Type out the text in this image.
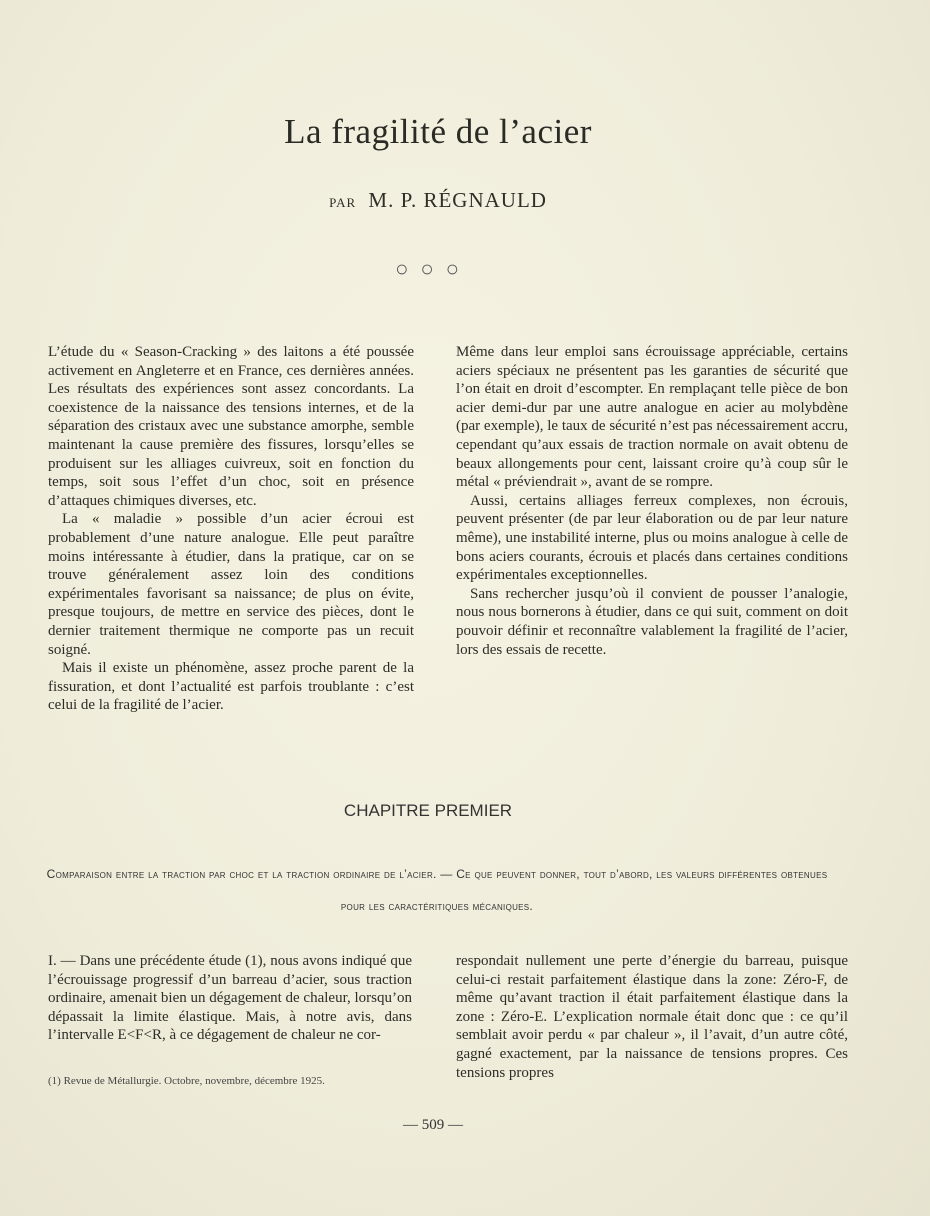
La fragilité de l’acier
PAR M. P. RÉGNAULD
○○○

L’étude du « Season-Cracking » des laitons a été poussée activement en Angleterre et en France, ces dernières années. Les résultats des expériences sont assez concordants. La coexistence de la naissance des tensions internes, et de la séparation des cristaux avec une substance amorphe, semble maintenant la cause première des fissures, lorsqu’elles se produisent sur les alliages cuivreux, soit en fonction du temps, soit sous l’effet d’un choc, soit en présence d’attaques chimiques diverses, etc.

La « maladie » possible d’un acier écroui est probablement d’une nature analogue. Elle peut paraître moins intéressante à étudier, dans la pratique, car on se trouve généralement assez loin des conditions expérimentales favorisant sa naissance; de plus on évite, presque toujours, de mettre en service des pièces, dont le dernier traitement thermique ne comporte pas un recuit soigné.

Mais il existe un phénomène, assez proche parent de la fissuration, et dont l’actualité est parfois troublante : c’est celui de la fragilité de l’acier.

Même dans leur emploi sans écrouissage appréciable, certains aciers spéciaux ne présentent pas les garanties de sécurité que l’on était en droit d’escompter. En remplaçant telle pièce de bon acier demi-dur par une autre analogue en acier au molybdène (par exemple), le taux de sécurité n’est pas nécessairement accru, cependant qu’aux essais de traction normale on avait obtenu de beaux allongements pour cent, laissant croire qu’à coup sûr le métal « préviendrait », avant de se rompre.

Aussi, certains alliages ferreux complexes, non écrouis, peuvent présenter (de par leur élaboration ou de par leur nature même), une instabilité interne, plus ou moins analogue à celle de bons aciers courants, écrouis et placés dans certaines conditions expérimentales exceptionnelles.

Sans rechercher jusqu’où il convient de pousser l’analogie, nous nous bornerons à étudier, dans ce qui suit, comment on doit pouvoir définir et reconnaître valablement la fragilité de l’acier, lors des essais de recette.

CHAPITRE PREMIER
Comparaison entre la traction par choc et la traction ordinaire de l’acier. — Ce que peuvent donner, tout d’abord, les valeurs différentes obtenues pour les caractéritiques mécaniques.

I. — Dans une précédente étude (1), nous avons indiqué que l’écrouissage progressif d’un barreau d’acier, sous traction ordinaire, amenait bien un dégagement de chaleur, lorsqu’on dépassait la limite élastique. Mais, à notre avis, dans l’intervalle E<F<R, à ce dégagement de chaleur ne cor-

(1) Revue de Métallurgie. Octobre, novembre, décembre 1925.

respondait nullement une perte d’énergie du barreau, puisque celui-ci restait parfaitement élastique dans la zone: Zéro-F, de même qu’avant traction il était parfaitement élastique dans la zone : Zéro-E. L’explication normale était donc que : ce qu’il semblait avoir perdu « par chaleur », il l’avait, d’un autre côté, gagné exactement, par la naissance de tensions propres. Ces tensions propres

— 509 —
